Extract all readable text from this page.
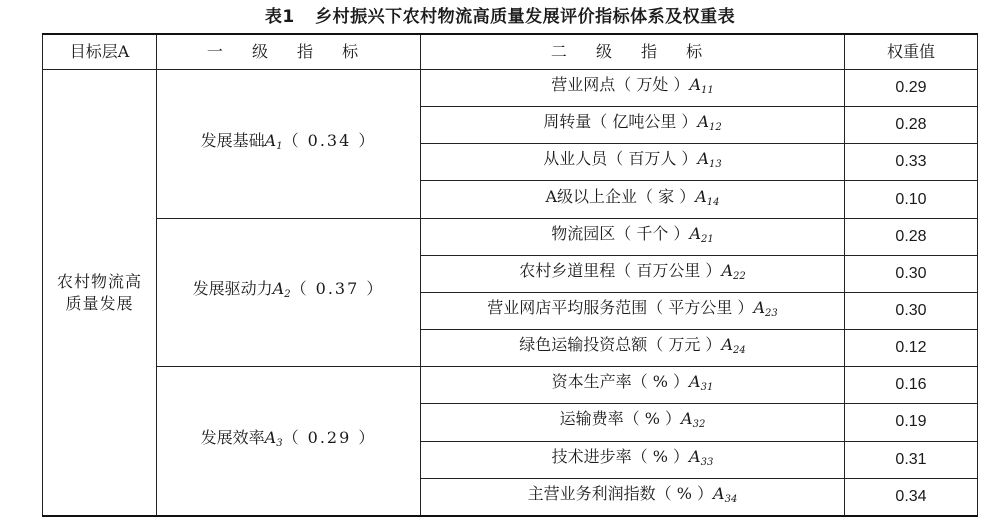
表1 乡村振兴下农村物流高质量发展评价指标体系及权重表
目标层A	一 级 指 标	二 级 指 标	权重值

农村物流高
质量发展	发展基础$A_1$（ 0.34 ）	营业网点（ 万处 ）$A_{11}$	0.29
		周转量（ 亿吨公里 ）$A_{12}$	0.28
		从业人员（ 百万人 ）$A_{13}$	0.33
		A级以上企业（ 家 ）$A_{14}$	0.10
	发展驱动力$A_2$（ 0.37 ）	物流园区（ 千个 ）$A_{21}$	0.28
		农村乡道里程（ 百万公里 ）$A_{22}$	0.30
		营业网店平均服务范围（ 平方公里 ）$A_{23}$	0.30
		绿色运输投资总额（ 万元 ）$A_{24}$	0.12
	发展效率$A_3$（ 0.29 ）	资本生产率（ % ）$A_{31}$	0.16
		运输费率（ % ）$A_{32}$	0.19
		技术进步率（ % ）$A_{33}$	0.31
		主营业务利润指数（ % ）$A_{34}$	0.34
